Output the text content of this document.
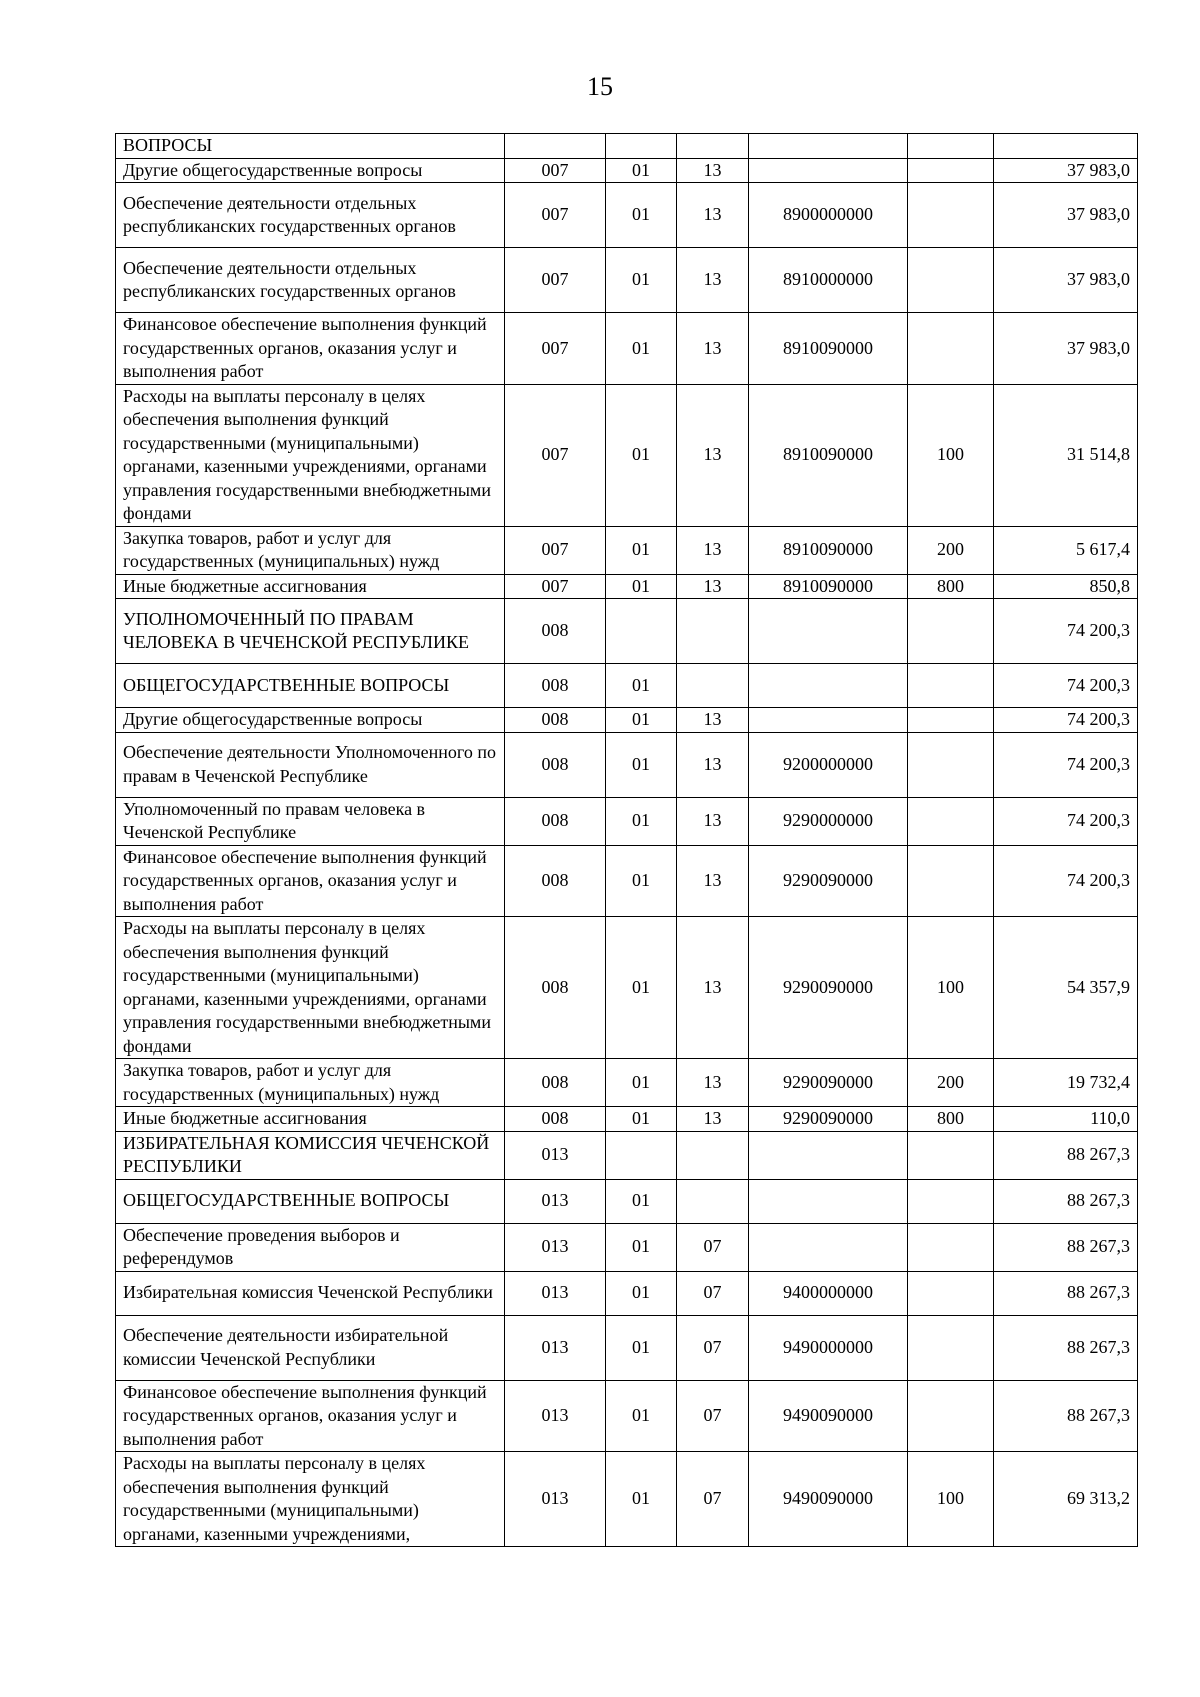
15
ВОПРОСЫ						
Другие общегосударственные вопросы	007	01	13			37 983,0
Обеспечение деятельности отдельных республиканских государственных органов	007	01	13	8900000000		37 983,0
Обеспечение деятельности отдельных республиканских государственных органов	007	01	13	8910000000		37 983,0
Финансовое обеспечение выполнения функций государственных органов, оказания услуг и выполнения работ	007	01	13	8910090000		37 983,0
Расходы на выплаты персоналу в целях обеспечения выполнения функций государственными (муниципальными) органами, казенными учреждениями, органами управления государственными внебюджетными фондами	007	01	13	8910090000	100	31 514,8
Закупка товаров, работ и услуг для государственных (муниципальных) нужд	007	01	13	8910090000	200	5 617,4
Иные бюджетные ассигнования	007	01	13	8910090000	800	850,8
УПОЛНОМОЧЕННЫЙ ПО ПРАВАМ ЧЕЛОВЕКА В ЧЕЧЕНСКОЙ РЕСПУБЛИКЕ	008					74 200,3
ОБЩЕГОСУДАРСТВЕННЫЕ ВОПРОСЫ	008	01				74 200,3
Другие общегосударственные вопросы	008	01	13			74 200,3
Обеспечение деятельности Уполномоченного по правам в Чеченской Республике	008	01	13	9200000000		74 200,3
Уполномоченный по правам человека в Чеченской Республике	008	01	13	9290000000		74 200,3
Финансовое обеспечение выполнения функций государственных органов, оказания услуг и выполнения работ	008	01	13	9290090000		74 200,3
Расходы на выплаты персоналу в целях обеспечения выполнения функций государственными (муниципальными) органами, казенными учреждениями, органами управления государственными внебюджетными фондами	008	01	13	9290090000	100	54 357,9
Закупка товаров, работ и услуг для государственных (муниципальных) нужд	008	01	13	9290090000	200	19 732,4
Иные бюджетные ассигнования	008	01	13	9290090000	800	110,0
ИЗБИРАТЕЛЬНАЯ КОМИССИЯ ЧЕЧЕНСКОЙ РЕСПУБЛИКИ	013					88 267,3
ОБЩЕГОСУДАРСТВЕННЫЕ ВОПРОСЫ	013	01				88 267,3
Обеспечение проведения выборов и референдумов	013	01	07			88 267,3
Избирательная комиссия Чеченской Республики	013	01	07	9400000000		88 267,3
Обеспечение деятельности избирательной комиссии Чеченской Республики	013	01	07	9490000000		88 267,3
Финансовое обеспечение выполнения функций государственных органов, оказания услуг и выполнения работ	013	01	07	9490090000		88 267,3
Расходы на выплаты персоналу в целях обеспечения выполнения функций государственными (муниципальными) органами, казенными учреждениями,	013	01	07	9490090000	100	69 313,2
